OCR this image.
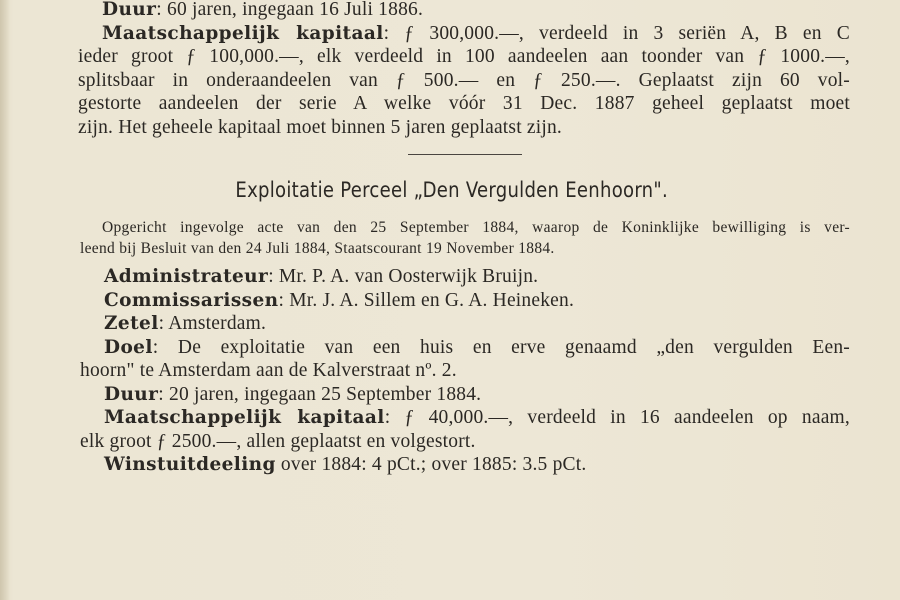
Duur: 60 jaren, ingegaan 16 Juli 1886.
Maatschappelijk kapitaal: ƒ 300,000.—, verdeeld in 3 seriën A, B en C
ieder groot ƒ 100,000.—, elk verdeeld in 100 aandeelen aan toonder van ƒ 1000.—,
splitsbaar in onderaandeelen van ƒ 500.— en ƒ 250.—. Geplaatst zijn 60 vol-
gestorte aandeelen der serie A welke vóór 31 Dec. 1887 geheel geplaatst moet
zijn. Het geheele kapitaal moet binnen 5 jaren geplaatst zijn.
Exploitatie Perceel „Den Vergulden Eenhoorn".
Opgericht ingevolge acte van den 25 September 1884, waarop de Koninklijke bewilliging is ver-
leend bij Besluit van den 24 Juli 1884, Staatscourant 19 November 1884.
Administrateur: Mr. P. A. van Oosterwijk Bruijn.
Commissarissen: Mr. J. A. Sillem en G. A. Heineken.
Zetel: Amsterdam.
Doel: De exploitatie van een huis en erve genaamd „den vergulden Een-
hoorn" te Amsterdam aan de Kalverstraat nº. 2.
Duur: 20 jaren, ingegaan 25 September 1884.
Maatschappelijk kapitaal: ƒ 40,000.—, verdeeld in 16 aandeelen op naam,
elk groot ƒ 2500.—, allen geplaatst en volgestort.
Winstuitdeeling over 1884: 4 pCt.; over 1885: 3.5 pCt.
